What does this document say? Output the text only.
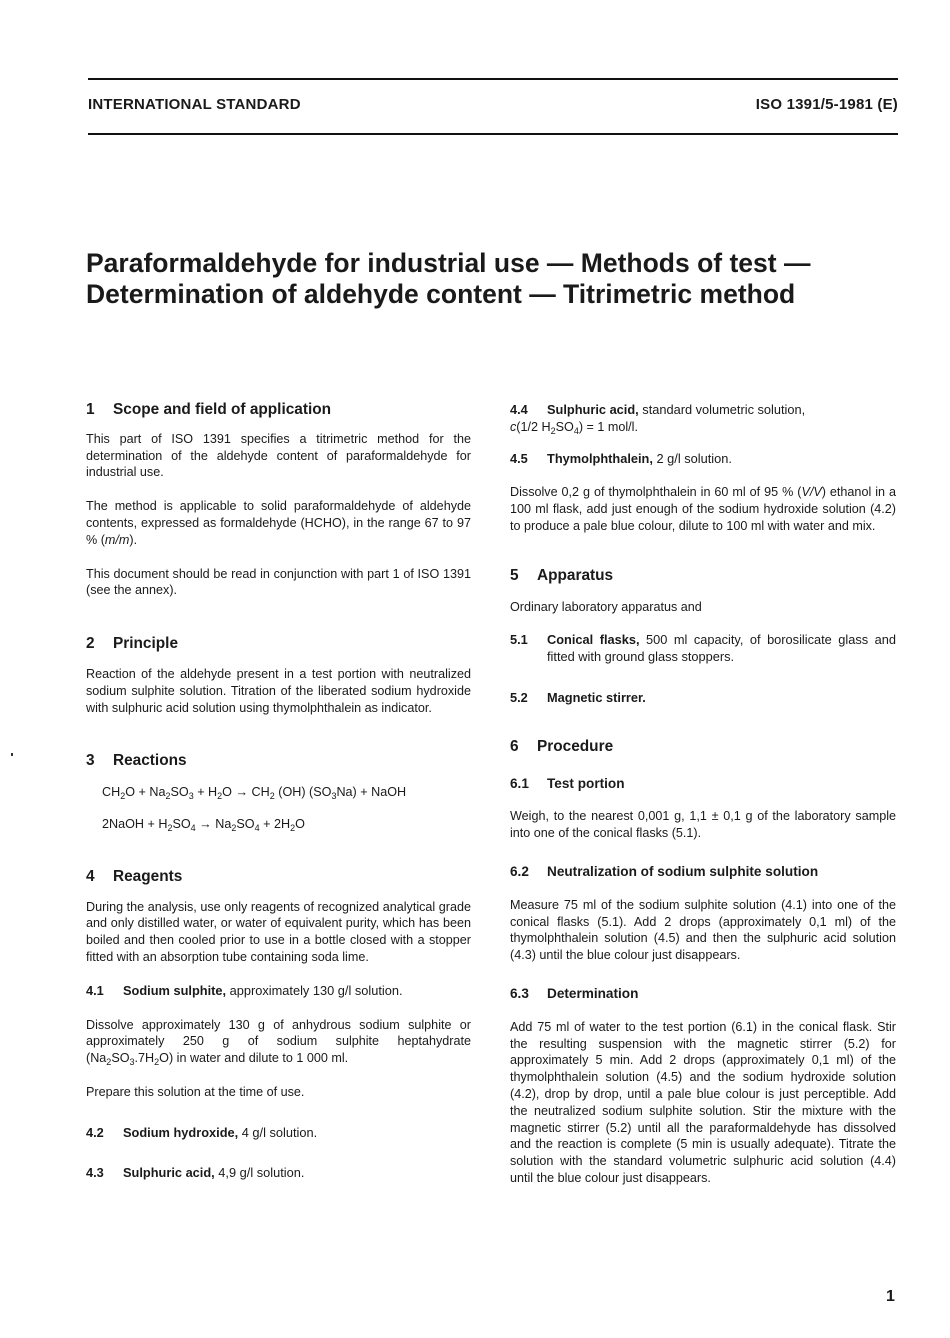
INTERNATIONAL STANDARD	ISO 1391/5-1981 (E)
Paraformaldehyde for industrial use — Methods of test —
Determination of aldehyde content — Titrimetric method
1	Scope and field of application

This part of ISO 1391 specifies a titrimetric method for the determination of the aldehyde content of paraformaldehyde for industrial use.

The method is applicable to solid paraformaldehyde of aldehyde contents, expressed as formaldehyde (HCHO), in the range 67 to 97 % (m/m).

This document should be read in conjunction with part 1 of ISO 1391 (see the annex).

2	Principle

Reaction of the aldehyde present in a test portion with neutralized sodium sulphite solution. Titration of the liberated sodium hydroxide with sulphuric acid solution using thymolphthalein as indicator.

3	Reactions
$CH_2O + Na_2SO_3 + H_2O \to CH_2$ (OH) $(SO_3Na)$ + NaOH
2NaOH + $H_2SO_4 \to Na_2SO_4 + 2H_2O$
4	Reagents

During the analysis, use only reagents of recognized analytical grade and only distilled water, or water of equivalent purity, which has been boiled and then cooled prior to use in a bottle closed with a stopper fitted with an absorption tube containing soda lime.

4.1	Sodium sulphite, approximately 130 g/l solution.

Dissolve approximately 130 g of anhydrous sodium sulphite or approximately 250 g of sodium sulphite heptahydrate $(Na_2SO_3.7H_2O)$ in water and dilute to 1 000 ml.

Prepare this solution at the time of use.

4.2	Sodium hydroxide, 4 g/l solution.
4.3	Sulphuric acid, 4,9 g/l solution.
4.4	Sulphuric acid, standard volumetric solution,

c(1/2 $H_2SO_4) = 1$ mol/l.

4.5	Thymolphthalein, 2 g/l solution.

Dissolve 0,2 g of thymolphthalein in 60 ml of 95 % (V/V) ethanol in a 100 ml flask, add just enough of the sodium hydroxide solution (4.2) to produce a pale blue colour, dilute to 100 ml with water and mix.

5	Apparatus

Ordinary laboratory apparatus and

5.1	Conical flasks, 500 ml capacity, of borosilicate glass and fitted with ground glass stoppers.
5.2	Magnetic stirrer.
6	Procedure
6.1	Test portion

Weigh, to the nearest 0,001 g, 1,1 ± 0,1 g of the laboratory sample into one of the conical flasks (5.1).

6.2	Neutralization of sodium sulphite solution

Measure 75 ml of the sodium sulphite solution (4.1) into one of the conical flasks (5.1). Add 2 drops (approximately 0,1 ml) of the thymolphthalein solution (4.5) and then the sulphuric acid solution (4.3) until the blue colour just disappears.

6.3	Determination

Add 75 ml of water to the test portion (6.1) in the conical flask. Stir the resulting suspension with the magnetic stirrer (5.2) for approximately 5 min. Add 2 drops (approximately 0,1 ml) of the thymolphthalein solution (4.5) and the sodium hydroxide solution (4.2), drop by drop, until a pale blue colour is just perceptible. Add the neutralized sodium sulphite solution. Stir the mixture with the magnetic stirrer (5.2) until all the paraformaldehyde has dissolved and the reaction is complete (5 min is usually adequate). Titrate the solution with the standard volumetric sulphuric acid solution (4.4) until the blue colour just disappears.

1
